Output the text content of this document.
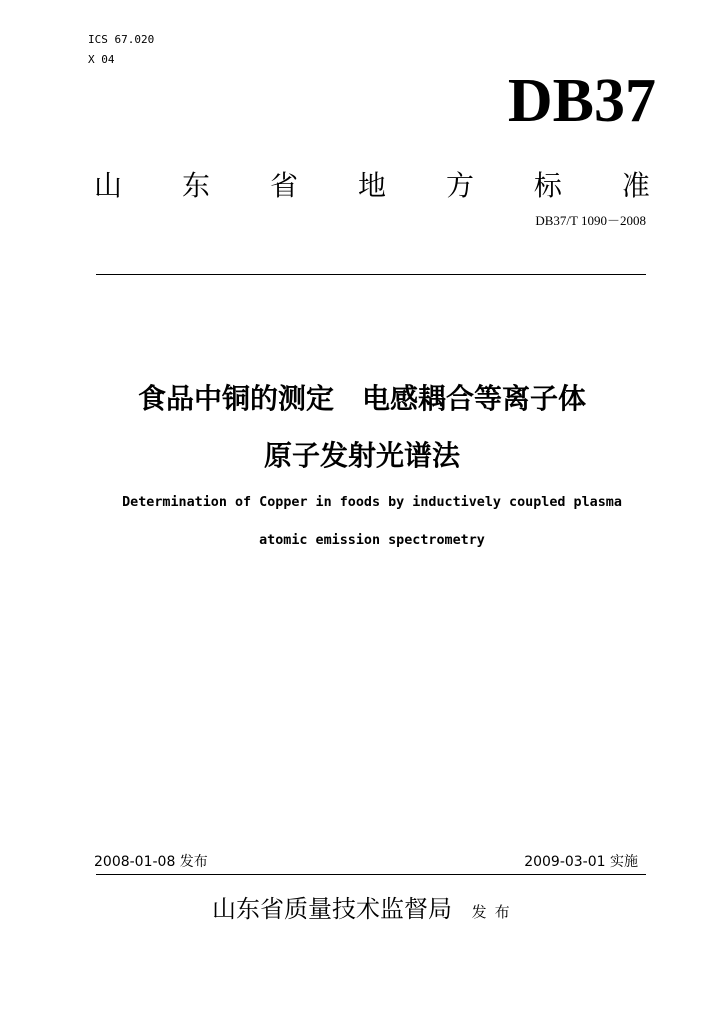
ICS 67.020
X 04
DB37
山 东 省 地 方 标 准
DB37/T 1090－2008
食品中铜的测定　电感耦合等离子体
原子发射光谱法
Determination of Copper in foods by inductively coupled plasma
atomic emission spectrometry
2008-01-08 发布	2009-03-01 实施
山东省质量技术监督局 发布
